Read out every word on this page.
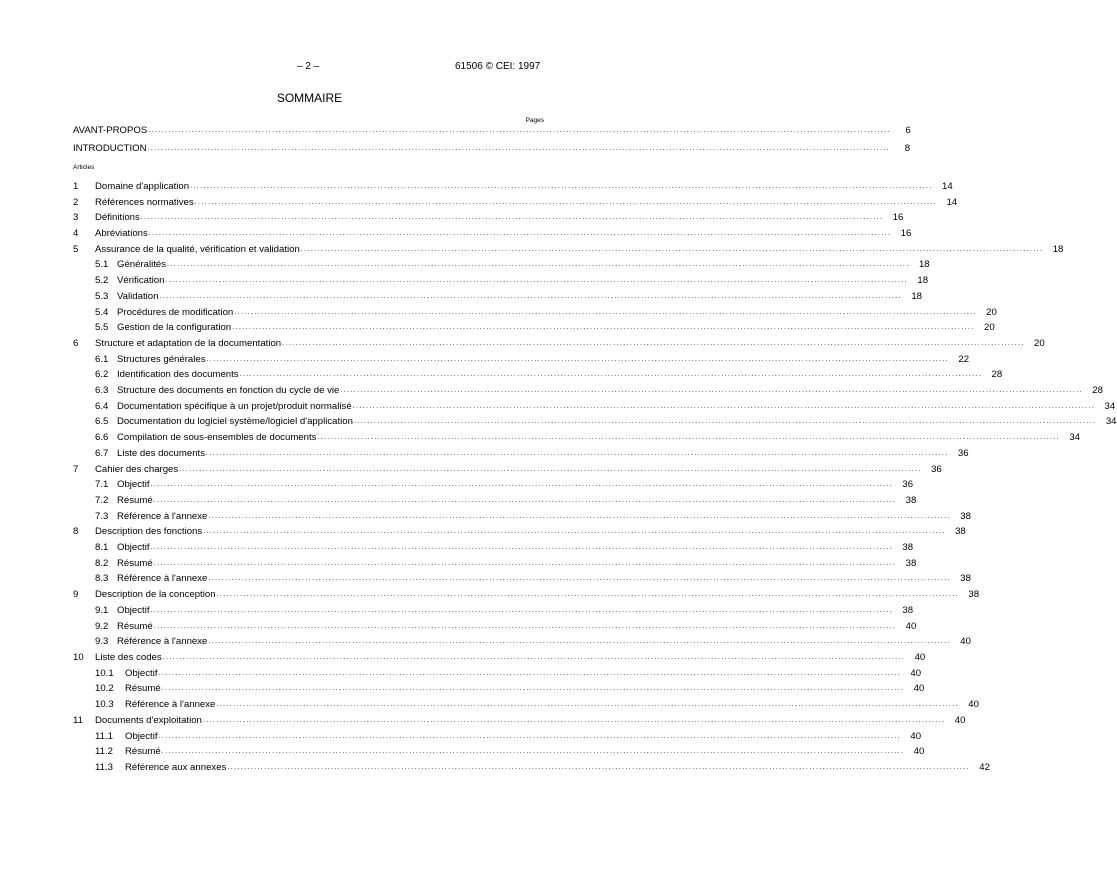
– 2 –	61506 © CEI: 1997
SOMMAIRE
Pages
Articles
AVANT-PROPOS ..............................................................................................................................................................................................................................	6
INTRODUCTION ..............................................................................................................................................................................................................................	8
1 Domaine d'application .............................................................................................................................................................................................................................. 14
2 Références normatives .............................................................................................................................................................................................................................. 14
3 Définitions .............................................................................................................................................................................................................................. 16
4 Abréviations .............................................................................................................................................................................................................................. 16
5 Assurance de la qualité, vérification et validation .............................................................................................................................................................................................................................. 18
5.1 Généralités .............................................................................................................................................................................................................................. 18
5.2 Vérification .............................................................................................................................................................................................................................. 18
5.3 Validation .............................................................................................................................................................................................................................. 18
5.4 Procédures de modification .............................................................................................................................................................................................................................. 20
5.5 Gestion de la configuration .............................................................................................................................................................................................................................. 20
6 Structure et adaptation de la documentation .............................................................................................................................................................................................................................. 20
6.1 Structures générales .............................................................................................................................................................................................................................. 22
6.2 Identification des documents .............................................................................................................................................................................................................................. 28
6.3 Structure des documents en fonction du cycle de vie .............................................................................................................................................................................................................................. 28
6.4 Documentation spécifique à un projet/produit normalisé .............................................................................................................................................................................................................................. 34
6.5 Documentation du logiciel système/logiciel d'application .............................................................................................................................................................................................................................. 34
6.6 Compilation de sous-ensembles de documents .............................................................................................................................................................................................................................. 34
6.7 Liste des documents .............................................................................................................................................................................................................................. 36
7 Cahier des charges .............................................................................................................................................................................................................................. 36
7.1 Objectif .............................................................................................................................................................................................................................. 36
7.2 Résumé .............................................................................................................................................................................................................................. 38
7.3 Référence à l'annexe .............................................................................................................................................................................................................................. 38
8 Description des fonctions .............................................................................................................................................................................................................................. 38
8.1 Objectif .............................................................................................................................................................................................................................. 38
8.2 Résumé .............................................................................................................................................................................................................................. 38
8.3 Référence à l'annexe .............................................................................................................................................................................................................................. 38
9 Description de la conception .............................................................................................................................................................................................................................. 38
9.1 Objectif .............................................................................................................................................................................................................................. 38
9.2 Résumé .............................................................................................................................................................................................................................. 40
9.3 Référence à l'annexe .............................................................................................................................................................................................................................. 40
10 Liste des codes .............................................................................................................................................................................................................................. 40
10.1 Objectif .............................................................................................................................................................................................................................. 40
10.2 Résumé .............................................................................................................................................................................................................................. 40
10.3 Référence à l'annexe .............................................................................................................................................................................................................................. 40
11 Documents d'exploitation .............................................................................................................................................................................................................................. 40
11.1 Objectif .............................................................................................................................................................................................................................. 40
11.2 Résumé .............................................................................................................................................................................................................................. 40
11.3 Référence aux annexes .............................................................................................................................................................................................................................. 42
